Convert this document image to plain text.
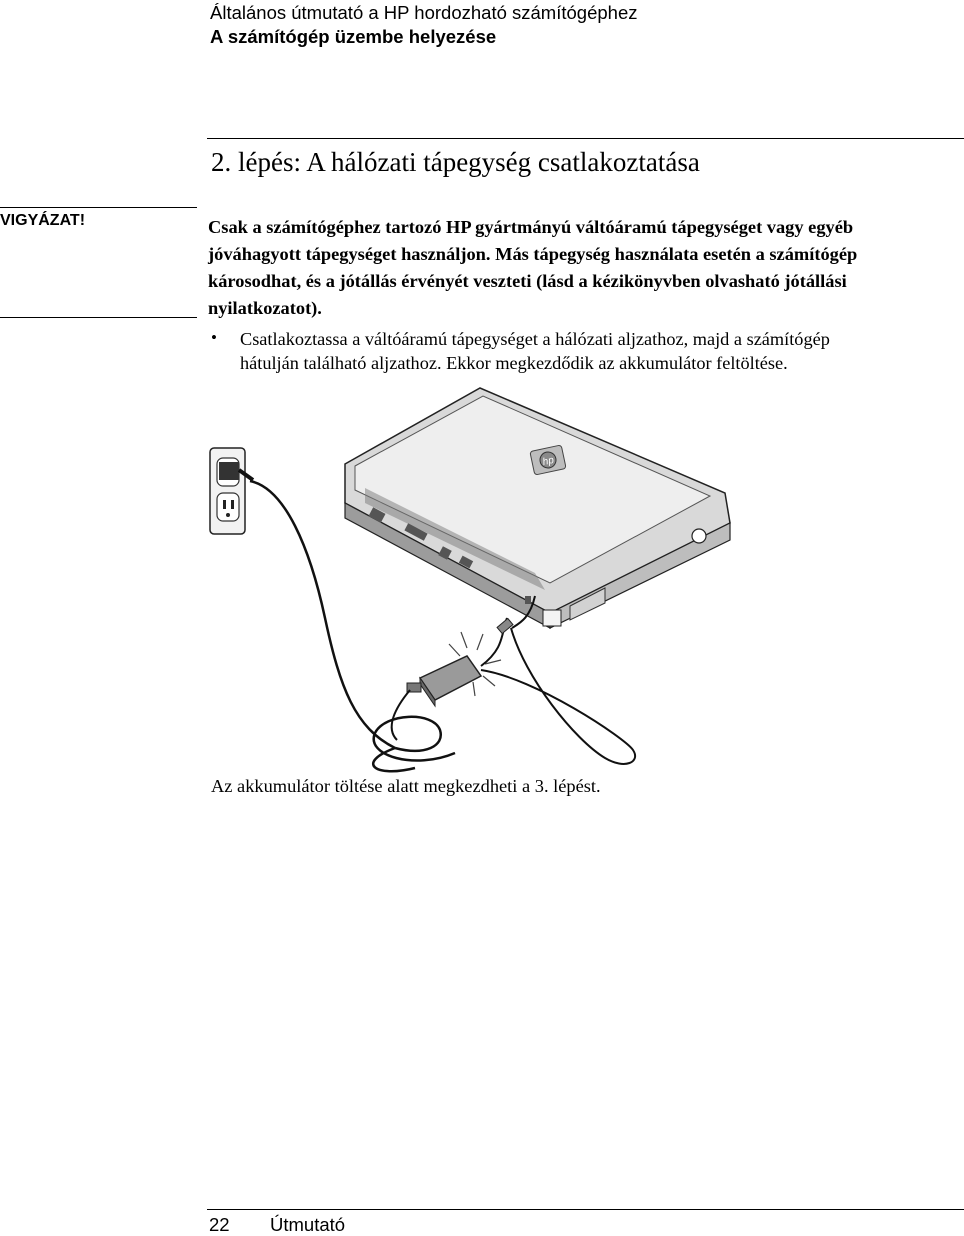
Általános útmutató a HP hordozható számítógéphez
A számítógép üzembe helyezése
2. lépés: A hálózati tápegység csatlakoztatása
VIGYÁZAT!	Csak a számítógéphez tartozó HP gyártmányú váltóáramú tápegységet vagy egyéb
jóváhagyott tápegységet használjon. Más tápegység használata esetén a számítógép
károsodhat, és a jótállás érvényét veszteti (lásd a kézikönyvben olvasható jótállási
nyilatkozatot).
• Csatlakoztassa a váltóáramú tápegységet a hálózati aljzathoz, majd a számítógép
hátulján található aljzathoz. Ekkor megkezdődik az akkumulátor feltöltése.
hp
Az akkumulátor töltése alatt megkezdheti a 3. lépést.
22 Útmutató
